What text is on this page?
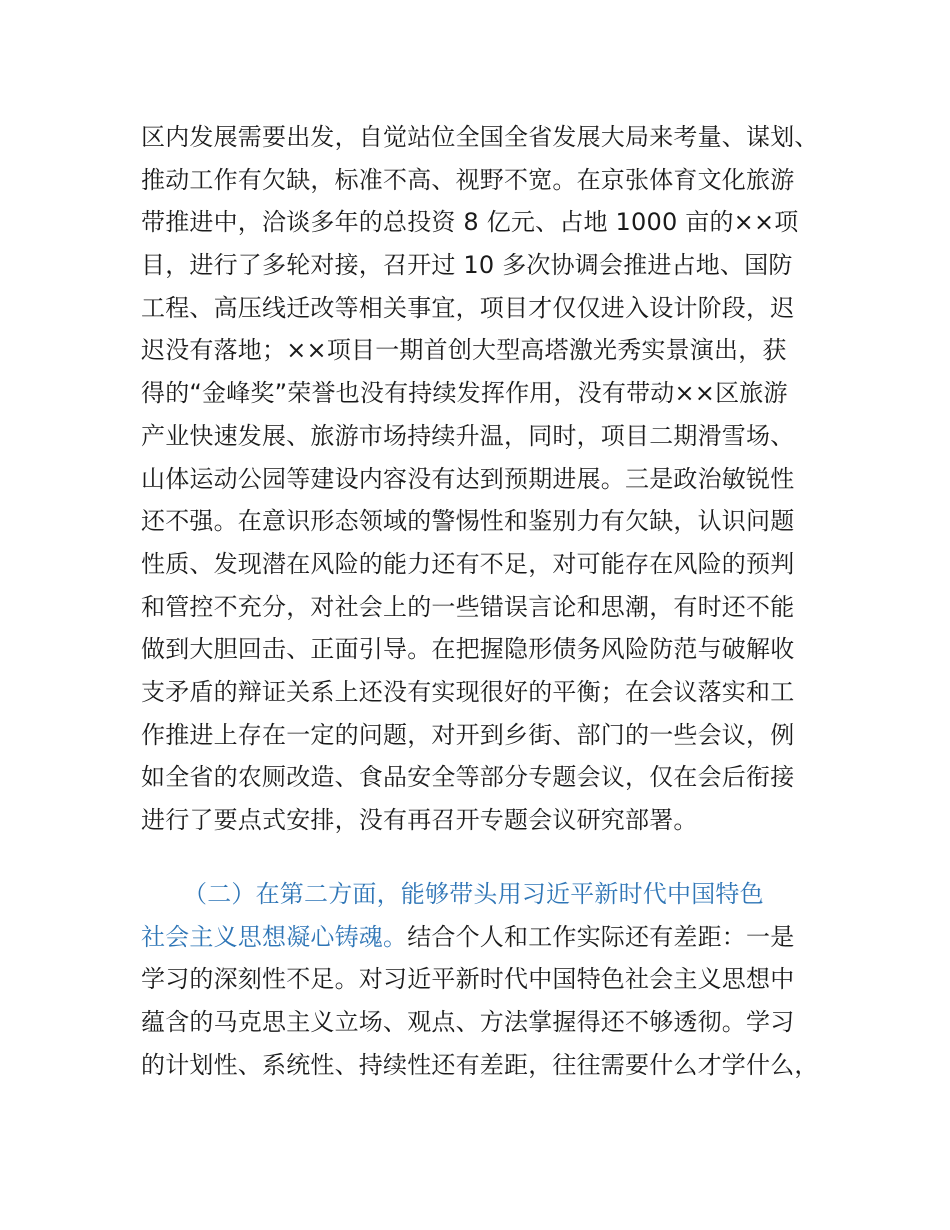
区内发展需要出发，自觉站位全国全省发展大局来考量、谋划、
推动工作有欠缺，标准不高、视野不宽。在京张体育文化旅游
带推进中，洽谈多年的总投资 8 亿元、占地 1000 亩的××项
目，进行了多轮对接，召开过 10 多次协调会推进占地、国防
工程、高压线迁改等相关事宜，项目才仅仅进入设计阶段，迟
迟没有落地；××项目一期首创大型高塔激光秀实景演出，获
得的“金峰奖”荣誉也没有持续发挥作用，没有带动××区旅游
产业快速发展、旅游市场持续升温，同时，项目二期滑雪场、
山体运动公园等建设内容没有达到预期进展。三是政治敏锐性
还不强。在意识形态领域的警惕性和鉴别力有欠缺，认识问题
性质、发现潜在风险的能力还有不足，对可能存在风险的预判
和管控不充分，对社会上的一些错误言论和思潮，有时还不能
做到大胆回击、正面引导。在把握隐形债务风险防范与破解收
支矛盾的辩证关系上还没有实现很好的平衡；在会议落实和工
作推进上存在一定的问题，对开到乡街、部门的一些会议，例
如全省的农厕改造、食品安全等部分专题会议，仅在会后衔接
进行了要点式安排，没有再召开专题会议研究部署。
（二）在第二方面，能够带头用习近平新时代中国特色
社会主义思想凝心铸魂。结合个人和工作实际还有差距：一是
学习的深刻性不足。对习近平新时代中国特色社会主义思想中
蕴含的马克思主义立场、观点、方法掌握得还不够透彻。学习
的计划性、系统性、持续性还有差距，往往需要什么才学什么，
